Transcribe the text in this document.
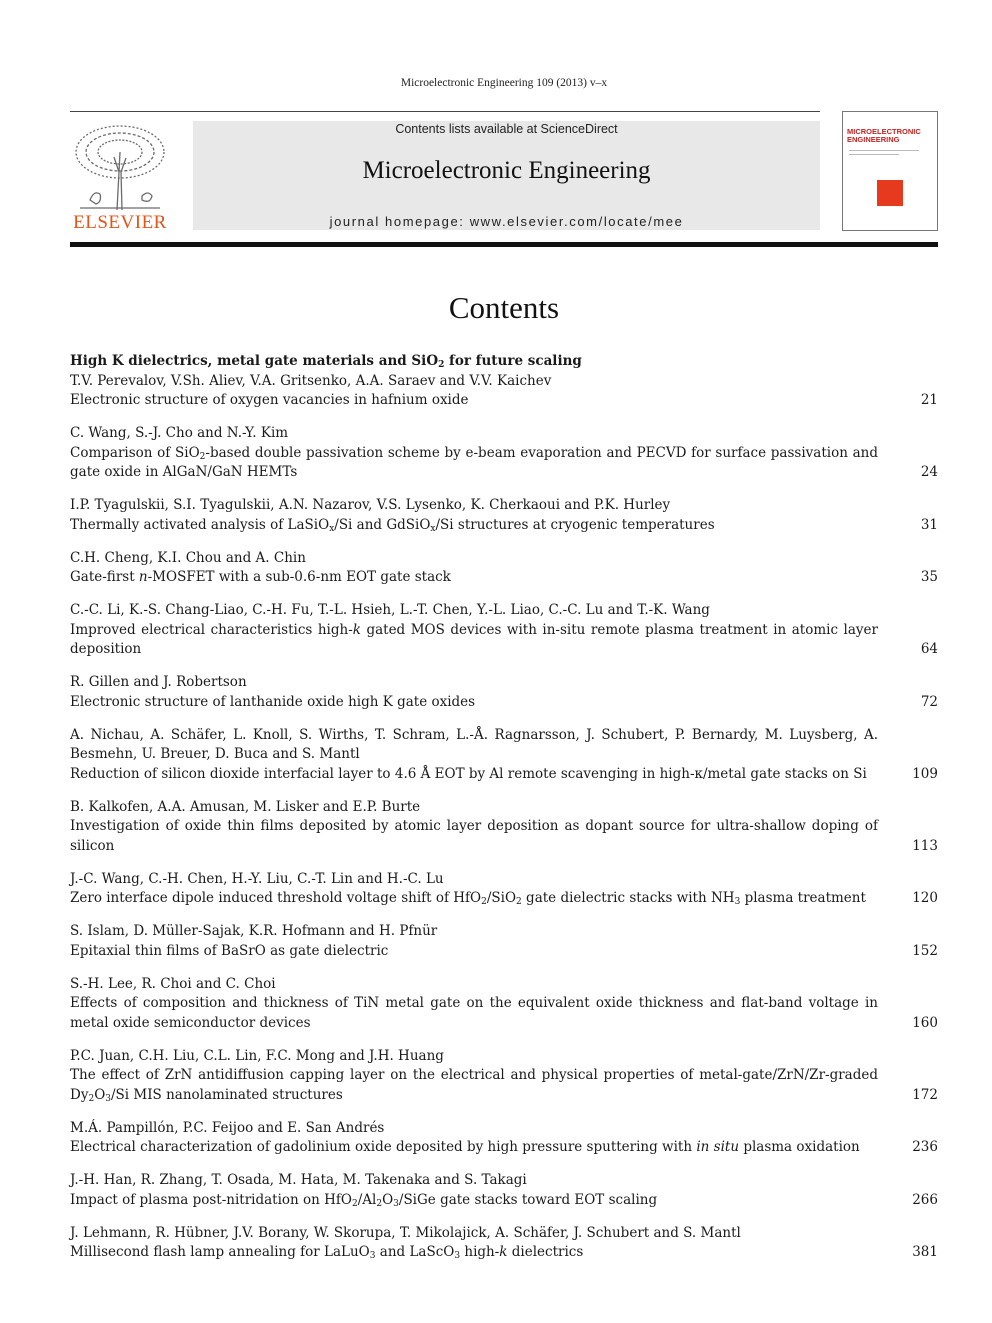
Microelectronic Engineering 109 (2013) v–x
ELSEVIER
Contents lists available at ScienceDirect
Microelectronic Engineering
journal homepage: www.elsevier.com/locate/mee
MICROELECTRONIC ENGINEERING
Contents
High K dielectrics, metal gate materials and SiO$_2$ for future scaling
T.V. Perevalov, V.Sh. Aliev, V.A. Gritsenko, A.A. Saraev and V.V. Kaichev
Electronic structure of oxygen vacancies in hafnium oxide	21
C. Wang, S.-J. Cho and N.-Y. Kim
Comparison of SiO$_2$-based double passivation scheme by e-beam evaporation and PECVD for surface passivation and gate oxide in AlGaN/GaN HEMTs	24
I.P. Tyagulskii, S.I. Tyagulskii, A.N. Nazarov, V.S. Lysenko, K. Cherkaoui and P.K. Hurley
Thermally activated analysis of LaSiO$_x$/Si and GdSiO$_x$/Si structures at cryogenic temperatures	31
C.H. Cheng, K.I. Chou and A. Chin
Gate-first n-MOSFET with a sub-0.6-nm EOT gate stack	35
C.-C. Li, K.-S. Chang-Liao, C.-H. Fu, T.-L. Hsieh, L.-T. Chen, Y.-L. Liao, C.-C. Lu and T.-K. Wang
Improved electrical characteristics high-k gated MOS devices with in-situ remote plasma treatment in atomic layer deposition	64
R. Gillen and J. Robertson
Electronic structure of lanthanide oxide high K gate oxides	72
A. Nichau, A. Schäfer, L. Knoll, S. Wirths, T. Schram, L.-Å. Ragnarsson, J. Schubert, P. Bernardy, M. Luysberg, A. Besmehn, U. Breuer, D. Buca and S. Mantl
Reduction of silicon dioxide interfacial layer to 4.6 Å EOT by Al remote scavenging in high-κ/metal gate stacks on Si	109
B. Kalkofen, A.A. Amusan, M. Lisker and E.P. Burte
Investigation of oxide thin films deposited by atomic layer deposition as dopant source for ultra-shallow doping of silicon	113
J.-C. Wang, C.-H. Chen, H.-Y. Liu, C.-T. Lin and H.-C. Lu
Zero interface dipole induced threshold voltage shift of HfO$_2$/SiO$_2$ gate dielectric stacks with $NH_3$ plasma treatment	120
S. Islam, D. Müller-Sajak, K.R. Hofmann and H. Pfnür
Epitaxial thin films of BaSrO as gate dielectric	152
S.-H. Lee, R. Choi and C. Choi
Effects of composition and thickness of TiN metal gate on the equivalent oxide thickness and flat-band voltage in metal oxide semiconductor devices	160
P.C. Juan, C.H. Liu, C.L. Lin, F.C. Mong and J.H. Huang
The effect of ZrN antidiffusion capping layer on the electrical and physical properties of metal-gate/ZrN/Zr-graded $Dy_2O_3/Si$ MIS nanolaminated structures	172
M.Á. Pampillón, P.C. Feijoo and E. San Andrés
Electrical characterization of gadolinium oxide deposited by high pressure sputtering with in situ plasma oxidation	236
J.-H. Han, R. Zhang, T. Osada, M. Hata, M. Takenaka and S. Takagi
Impact of plasma post-nitridation on $HfO_2/Al_2O_3$/SiGe gate stacks toward EOT scaling	266
J. Lehmann, R. Hübner, J.V. Borany, W. Skorupa, T. Mikolajick, A. Schäfer, J. Schubert and S. Mantl
Millisecond flash lamp annealing for LaLuO$_3$ and LaScO$_3$ high-k dielectrics	381
